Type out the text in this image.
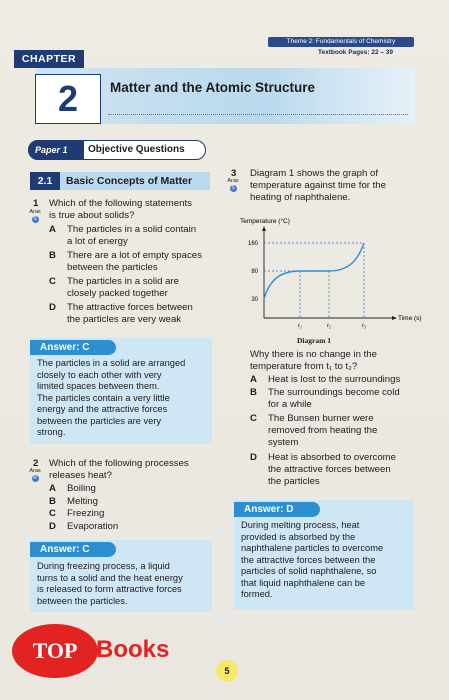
Theme 2: Fundamentals of Chemistry
Textbook Pages: 22 – 39
CHAPTER
2	Matter and the Atomic Structure
Paper 1	Objective Questions
2.1	Basic Concepts of Matter
1
Aras
S
Which of the following statements
is true about solids?
A The particles in a solid contain
a lot of energy
B There are a lot of empty spaces
between the particles
C The particles in a solid are
closely packed together
D The attractive forces between
the particles are very weak
Answer: C
The particles in a solid are arranged
closely to each other with very
limited spaces between them.
The particles contain a very little
energy and the attractive forces
between the particles are very
strong.
2
Aras
R
Which of the following processes
releases heat?
A Boiling
B Melting
C Freezing
D Evaporation
Answer: C
During freezing process, a liquid
turns to a solid and the heat energy
is released to form attractive forces
between the particles.
3
Aras
S
Diagram 1 shows the graph of
temperature against time for the
heating of naphthalene.
Temperature (°C)
Time (s)
160
80
30
t₁	t₂	t₃
Diagram 1
Why there is no change in the
temperature from t₁ to t₂?
A Heat is lost to the surroundings
B The surroundings become cold
for a while
C The Bunsen burner were
removed from heating the
system
D Heat is absorbed to overcome
the attractive forces between
the particles
Answer: D
During melting process, heat
provided is absorbed by the
naphthalene particles to overcome
the attractive forces between the
particles of solid naphthalene, so
that liquid naphthalene can be
formed.
5
TOP Books
